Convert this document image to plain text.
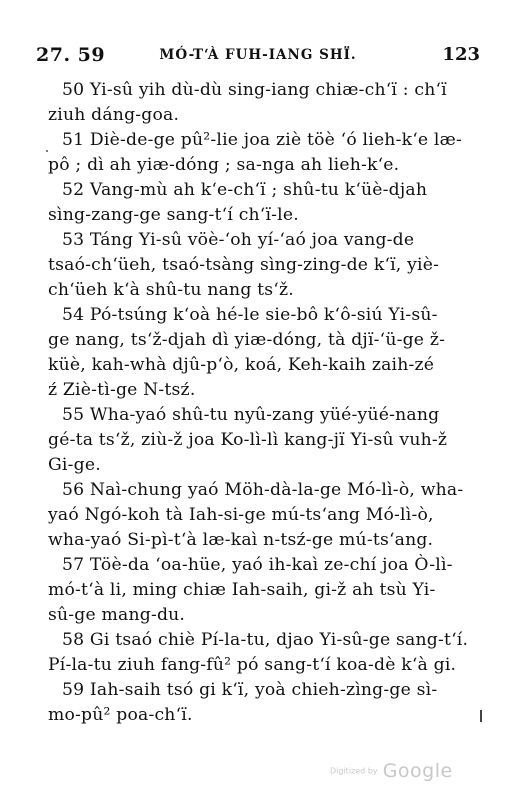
27. 59	MÓ-T‘À FUH-IANG SHÏ.	123

50 Yi-sû yih dù-dù sing-iang chiæ-ch‘ï : ch‘ï
ziuh dáng-goa.

51 Diè-de-ge pû²-lie joa ziè töè ‘ó lieh-k‘e læ-
pô ; dì ah yiæ-dóng ; sa-nga ah lieh-k‘e.

52 Vang-mù ah k‘e-ch‘ï ; shû-tu k‘üè-djah
sìng-zang-ge sang-t‘í ch‘ï-le.

53 Táng Yi-sû vöè-‘oh yí-‘aó joa vang-de
tsaó-ch‘üeh, tsaó-tsàng sìng-zing-de k‘ï, yiè-
ch‘üeh k‘à shû-tu nang ts‘ž.

54 Pó-tsúng k‘oà hé-le sie-bô k‘ô-siú Yi-sû-
ge nang, ts‘ž-djah dì yiæ-dóng, tà djï-‘ü-ge ž-
küè, kah-whà djû-p‘ò, koá, Keh-kaih zaih-zé
ź Ziè-tì-ge N-tsź.

55 Wha-yaó shû-tu nyû-zang yüé-yüé-nang
gé-ta ts‘ž, ziù-ž joa Ko-lì-lì kang-jï Yi-sû vuh-ž
Gi-ge.

56 Naì-chung yaó Möh-dà-la-ge Mó-lì-ò, wha-
yaó Ngó-koh tà Iah-si-ge mú-ts‘ang Mó-lì-ò,
wha-yaó Si-pì-t‘à læ-kaì n-tsź-ge mú-ts‘ang.

57 Töè-da ‘oa-hüe, yaó ih-kaì ze-chí joa Ò-lì-
mó-t‘à li, ming chiæ Iah-saih, gi-ž ah tsù Yi-
sû-ge mang-du.

58 Gi tsaó chiè Pí-la-tu, djao Yi-sû-ge sang-t‘í.
Pí-la-tu ziuh fang-fû² pó sang-t‘í koa-dè k‘à gi.

59 Iah-saih tsó gi k‘ï, yoà chieh-zìng-ge sì-
mo-pû² poa-ch‘ï.

Digitized by Google
